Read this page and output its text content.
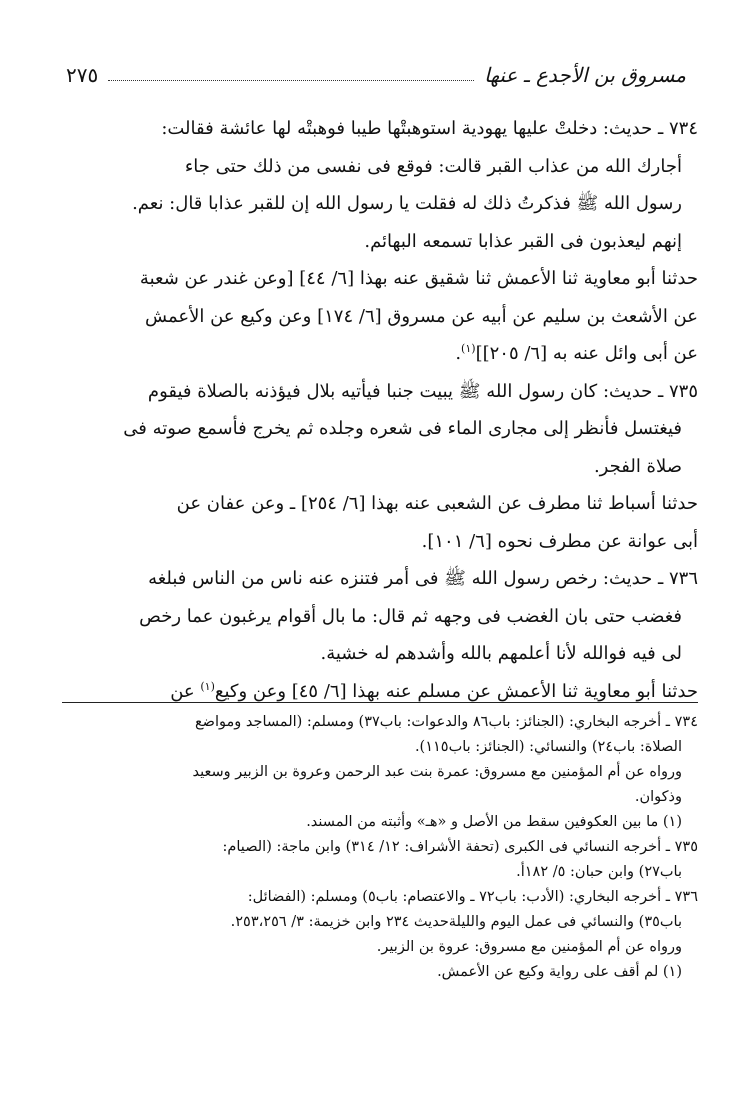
مسروق بن الأجدع ـ عنها
٢٧٥

٧٣٤ ـ حديث: دخلتْ عليها يهودية استوهبتْها طيبا فوهبتْه لها عائشة فقالت:

أجارك الله من عذاب القبر قالت: فوقع فى نفسى من ذلك حتى جاء

رسول الله ﷺ فذكرتُ ذلك له فقلت يا رسول الله إن للقبر عذابا قال: نعم.

إنهم ليعذبون فى القبر عذابا تسمعه البهائم.

حدثنا أبو معاوية ثنا الأعمش ثنا شقيق عنه بهذا [٦/ ٤٤] [وعن غندر عن شعبة

عن الأشعث بن سليم عن أبيه عن مسروق [٦/ ١٧٤] وعن وكيع عن الأعمش

عن أبى وائل عنه به [٦/ ٢٠٥]]$^{(١)}$.

٧٣٥ ـ حديث: كان رسول الله ﷺ يبيت جنبا فيأتيه بلال فيؤذنه بالصلاة فيقوم

فيغتسل فأنظر إلى مجارى الماء فى شعره وجلده ثم يخرج فأسمع صوته فى

صلاة الفجر.

حدثنا أسباط ثنا مطرف عن الشعبى عنه بهذا [٦/ ٢٥٤] ـ وعن عفان عن

أبى عوانة عن مطرف نحوه [٦/ ١٠١].

٧٣٦ ـ حديث: رخص رسول الله ﷺ فى أمر فتنزه عنه ناس من الناس فبلغه

فغضب حتى بان الغضب فى وجهه ثم قال: ما بال أقوام يرغبون عما رخص

لى فيه فوالله لأنا أعلمهم بالله وأشدهم له خشية.

حدثنا أبو معاوية ثنا الأعمش عن مسلم عنه بهذا [٦/ ٤٥] وعن وكيع$^{(١)}$ عن

٧٣٤ ـ أخرجه البخاري: (الجنائز: باب٨٦ والدعوات: باب٣٧) ومسلم: (المساجد ومواضع

الصلاة: باب٢٤) والنسائي: (الجنائز: باب١١٥).

ورواه عن أم المؤمنين مع مسروق: عمرة بنت عبد الرحمن وعروة بن الزبير وسعيد

وذكوان.

(١) ما بين العكوفين سقط من الأصل و «هـ» وأثبته من المسند.

٧٣٥ ـ أخرجه النسائي فى الكبرى (تحفة الأشراف: ١٢/ ٣١٤) وابن ماجة: (الصيام:

باب٢٧) وابن حبان: ٥/ ١٨٢أ.

٧٣٦ ـ أخرجه البخاري: (الأدب: باب٧٢ ـ والاعتصام: باب٥) ومسلم: (الفضائل:

باب٣٥) والنسائي فى عمل اليوم والليلةحديث ٢٣٤ وابن خزيمة: ٣/ ٢٥٣،٢٥٦.

ورواه عن أم المؤمنين مع مسروق: عروة بن الزبير.

(١) لم أقف على رواية وكيع عن الأعمش.
